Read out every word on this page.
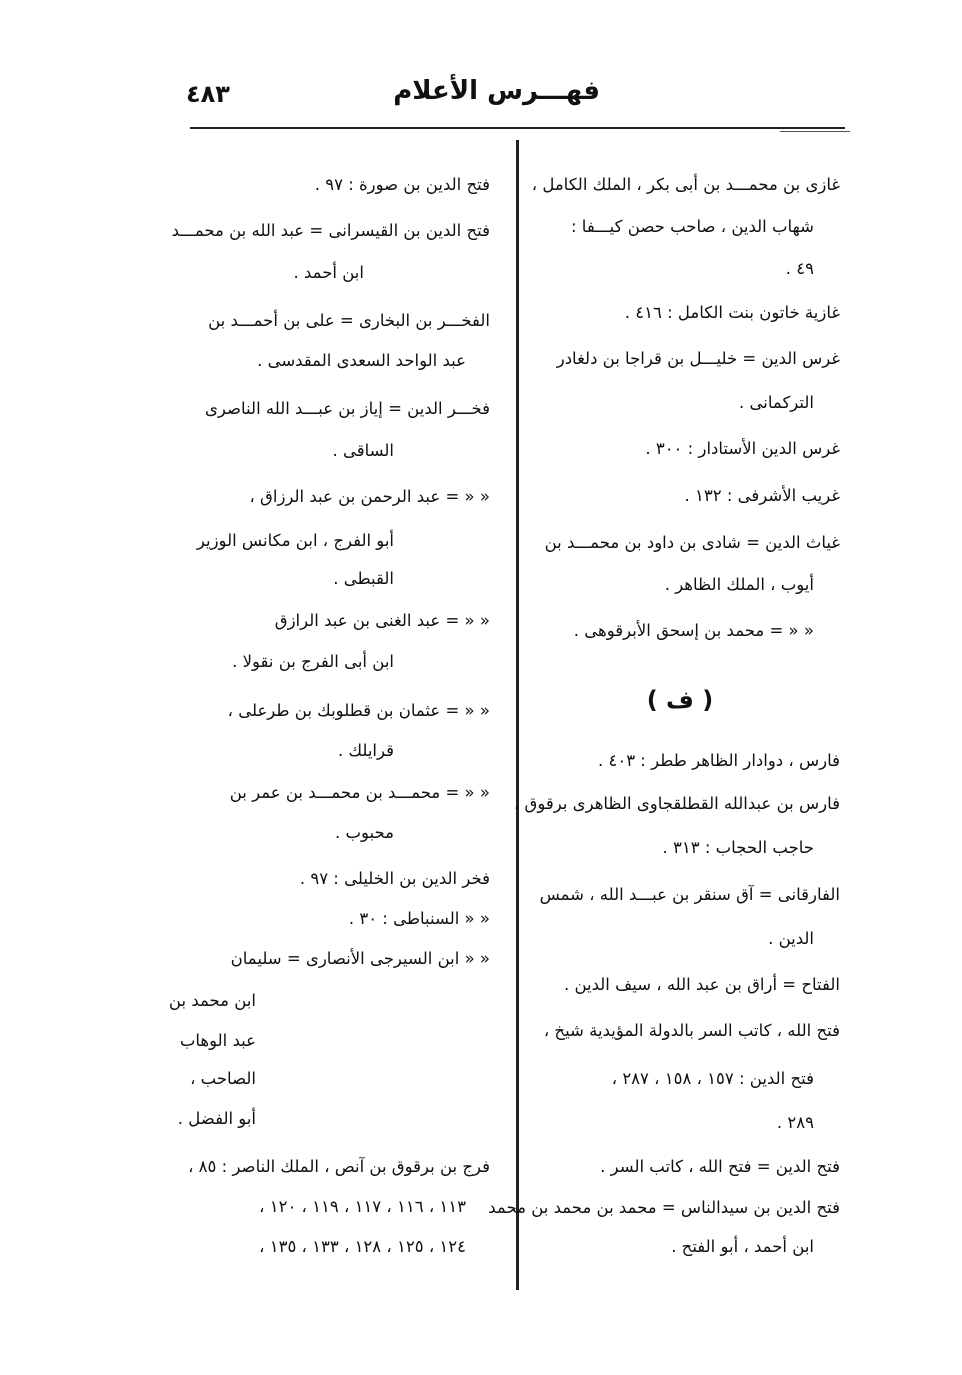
فهـــرس الأعلام
٤٨٣
غازى بن محمـــد بن أبى بكر ، الملك الكامل ،
شهاب الدين ، صاحب حصن كيـــفا :
٤٩ .
غازية خاتون بنت الكامل : ٤١٦ .
غرس الدين = خليـــل بن قراجا بن دلغادر
التركمانى .
غرس الدين الأستادار : ٣٠٠ .
غريب الأشرفى : ١٣٢ .
غياث الدين = شادى بن داود بن محمـــد بن
أيوب ، الملك الظاهر .
« « = محمد بن إسحق الأبرقوهى .
( ف )
فارس ، دوادار الظاهر ططر : ٤٠٣ .
فارس بن عبدالله القطلقجاوى الظاهرى برقوق ،
حاجب الحجاب : ٣١٣ .
الفارقانى = آق سنقر بن عبـــد الله ، شمس
الدين .
الفتاح = أراق بن عبد الله ، سيف الدين .
فتح الله ، كاتب السر بالدولة المؤيدية شيخ ،
فتح الدين : ١٥٧ ، ١٥٨ ، ٢٨٧ ،
٢٨٩ .
فتح الدين = فتح الله ، كاتب السر .
فتح الدين بن سيدالناس = محمد بن محمد بن محمد
ابن أحمد ، أبو الفتح .
فتح الدين بن صورة : ٩٧ .
فتح الدين بن القيسرانى = عبد الله بن محمـــد
ابن أحمد .
الفخـــر بن البخارى = على بن أحمـــد بن
عبد الواحد السعدى المقدسى .
فخـــر الدين = إياز بن عبـــد الله الناصرى
الساقى .
« « = عبد الرحمن بن عبد الرزاق ،
أبو الفرج ، ابن مكانس الوزير
القبطى .
« « = عبد الغنى بن عبد الرازق
ابن أبى الفرج بن نقولا .
« « = عثمان بن قطلوبك بن طرعلى ،
قرايلك .
« « = محمـــد بن محمـــد بن عمر بن
محبوب .
فخر الدين بن الخليلى : ٩٧ .
« « السنباطى : ٣٠ .
« « ابن السيرجى الأنصارى = سليمان
ابن محمد بن
عبد الوهاب
الصاحب ،
أبو الفضل .
فرج بن برقوق بن آنص ، الملك الناصر : ٨٥ ،
١١٣ ، ١١٦ ، ١١٧ ، ١١٩ ، ١٢٠ ،
١٢٤ ، ١٢٥ ، ١٢٨ ، ١٣٣ ، ١٣٥ ،
